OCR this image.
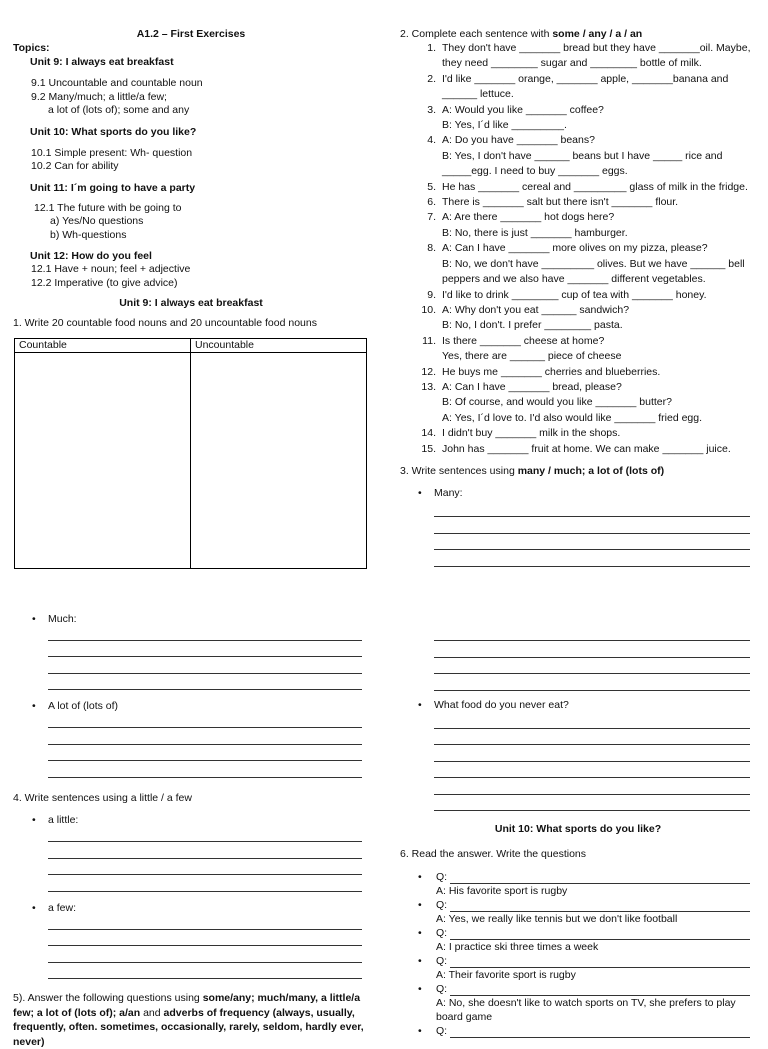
A1.2 – First Exercises
Topics:
Unit 9: I always eat breakfast
9.1 Uncountable and countable noun
9.2 Many/much; a little/a few;
a lot of (lots of); some and any
Unit 10: What sports do you like?
10.1 Simple present: Wh- question
10.2 Can for ability
Unit 11: I´m going to have a party
12.1 The future with be going to
a) Yes/No questions
b) Wh-questions
Unit 12: How do you feel
12.1 Have + noun; feel + adjective
12.2 Imperative (to give advice)
Unit 9: I always eat breakfast
1. Write 20 countable food nouns and 20 uncountable food nouns
Countable	Uncountable

• Much:
• A lot of (lots of)
4. Write sentences using a little / a few
• a little:
• a few:
5). Answer the following questions using some/any; much/many, a little/a few; a lot of (lots of); a/an and adverbs of frequency (always, usually, frequently, often. sometimes, occasionally, rarely, seldom, hardly ever, never)
2. Complete each sentence with some / any / a / an
1. They don't have _______ bread but they have _______oil. Maybe,
they need ________ sugar and ________ bottle of milk.
2. I'd like _______ orange, _______ apple, _______banana and
______ lettuce.
3. A: Would you like _______ coffee?
B: Yes, I´d like _________.
4. A: Do you have _______ beans?
B: Yes, I don't have ______ beans but I have _____ rice and
_____egg. I need to buy _______ eggs.
5. He has _______ cereal and _________ glass of milk in the fridge.
6. There is _______ salt but there isn't _______ flour.
7. A: Are there _______ hot dogs here?
B: No, there is just _______ hamburger.
8. A: Can I have _______ more olives on my pizza, please?
B: No, we don't have _________ olives. But we have ______ bell
peppers and we also have _______ different vegetables.
9. I'd like to drink ________ cup of tea with _______ honey.
10. A: Why don't you eat ______ sandwich?
B: No, I don't. I prefer ________ pasta.
11. Is there _______ cheese at home?
Yes, there are ______ piece of cheese
12. He buys me _______ cherries and blueberries.
13. A: Can I have _______ bread, please?
B: Of course, and would you like _______ butter?
A: Yes, I´d love to. I'd also would like _______ fried egg.
14. I didn't buy _______ milk in the shops.
15. John has _______ fruit at home. We can make _______ juice.
3. Write sentences using many / much; a lot of (lots of)
• Many:
• What food do you never eat?
Unit 10: What sports do you like?
6. Read the answer. Write the questions
• Q:
A: His favorite sport is rugby
• Q:
A: Yes, we really like tennis but we don't like football
• Q:
A: I practice ski three times a week
• Q:
A: Their favorite sport is rugby
• Q:
A: No, she doesn't like to watch sports on TV, she prefers to play board game
• Q:
